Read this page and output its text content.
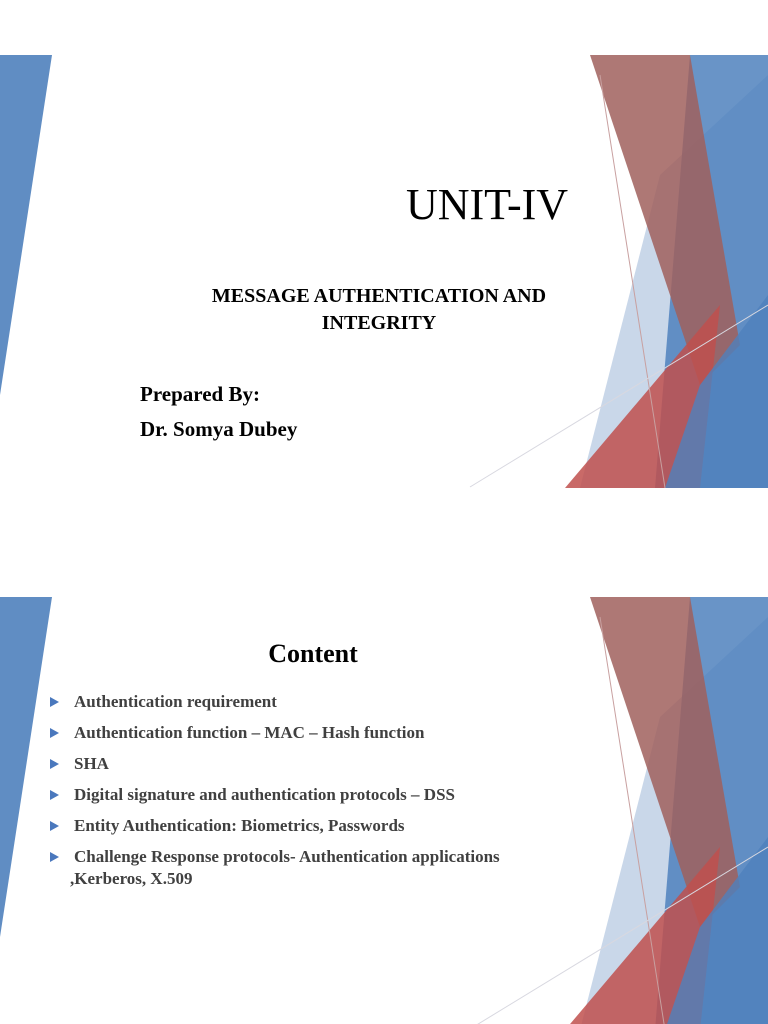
UNIT-IV

MESSAGE AUTHENTICATION AND INTEGRITY

Prepared By:
Dr. Somya Dubey
Content
Authentication requirement
Authentication function – MAC – Hash function
SHA
Digital signature and authentication protocols – DSS
Entity Authentication: Biometrics, Passwords
Challenge Response protocols- Authentication applications
,Kerberos, X.509
